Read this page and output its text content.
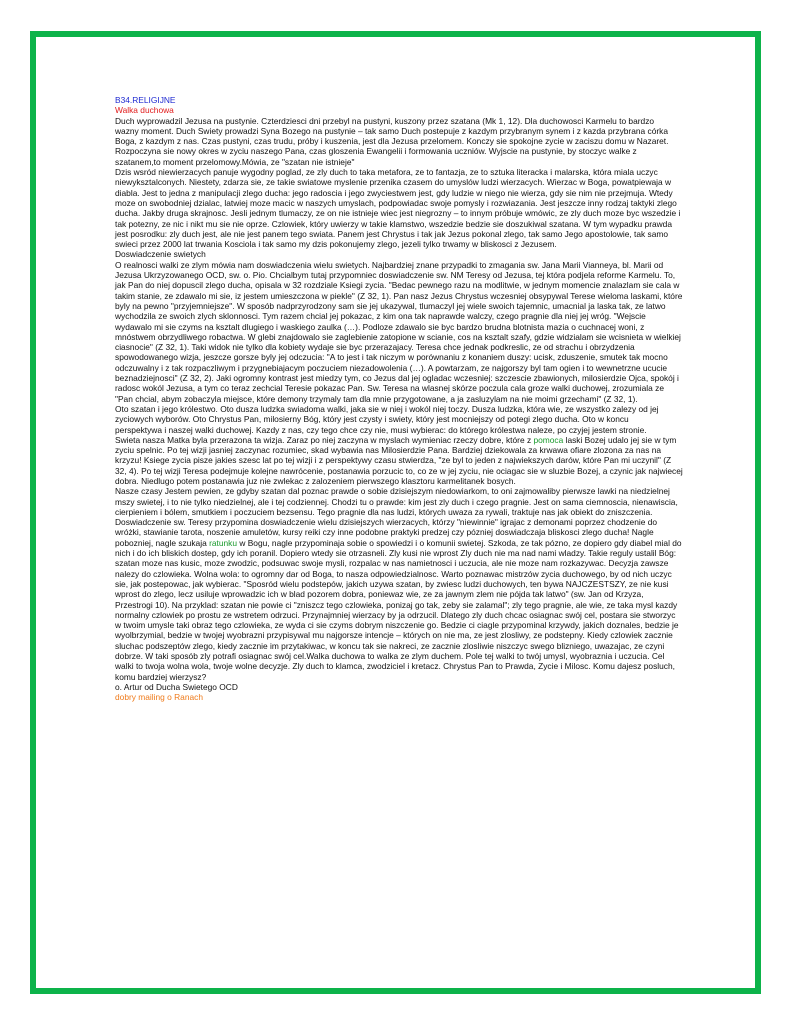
B34.RELIGIJNE

Walka duchowa

Duch wyprowadzil Jezusa na pustynie. Czterdziesci dni przebyl na pustyni, kuszony przez szatana (Mk 1, 12). Dla duchowosci Karmelu to bardzo

wazny moment. Duch Swiety prowadzi Syna Bozego na pustynie – tak samo Duch postepuje z kazdym przybranym synem i z kazda przybrana córka Boga, z kazdym z nas. Czas pustyni, czas trudu, próby i kuszenia, jest dla Jezusa przelomem. Konczy sie spokojne zycie w zaciszu domu w Nazaret.

Rozpoczyna sie nowy okres w zyciu naszego Pana, czas gloszenia Ewangelii i formowania uczniów. Wyjscie na pustynie, by stoczyc walke z szatanem,to moment przelomowy.Mówia, ze "szatan nie istnieje"

Dzis wsród niewierzacych panuje wygodny poglad, ze zly duch to taka metafora, ze to fantazja, ze to sztuka literacka i malarska, która miala uczyc niewyksztalconych. Niestety, zdarza sie, ze takie swiatowe myslenie przenika czasem do umyslów ludzi wierzacych. Wierzac w Boga, powatpiewaja w diabla. Jest to jedna z manipulacji zlego ducha: jego radoscia i jego zwyciestwem jest, gdy ludzie w niego nie wierza, gdy sie nim nie przejmuja. Wtedy moze on swobodniej dzialac, latwiej moze macic w naszych umyslach, podpowiadac swoje pomysly i rozwiazania. Jest jeszcze inny rodzaj taktyki zlego ducha. Jakby druga skrajnosc. Jesli jednym tlumaczy, ze on nie istnieje wiec jest niegrozny – to innym próbuje wmówic, ze zly duch moze byc wszedzie i tak potezny, ze nic i nikt mu sie nie oprze. Czlowiek, który uwierzy w takie klamstwo, wszedzie bedzie sie doszukiwal szatana. W tym wypadku prawda jest posrodku: zly duch jest, ale nie jest panem tego swiata. Panem jest Chrystus i tak jak Jezus pokonal zlego, tak samo Jego apostolowie, tak samo swieci przez 2000 lat trwania Kosciola i tak samo my dzis pokonujemy zlego, jezeli tylko trwamy w bliskosci z Jezusem.

Doswiadczenie swietych

O realnosci walki ze zlym mówia nam doswiadczenia wielu swietych. Najbardziej znane przypadki to zmagania sw. Jana Marii Vianneya, bl. Marii od Jezusa Ukrzyzowanego OCD, sw. o. Pio. Chcialbym tutaj przypomniec doswiadczenie sw. NM Teresy od Jezusa, tej która podjela reforme Karmelu. To, jak Pan do niej dopuscil zlego ducha, opisala w 32 rozdziale Ksiegi zycia. "Bedac pewnego razu na modlitwie, w jednym momencie znalazlam sie cala w takim stanie, ze zdawalo mi sie, iz jestem umieszczona w piekle" (Z 32, 1). Pan nasz Jezus Chrystus wczesniej obsypywal Terese wieloma laskami, które byly na pewno "przyjemniejsze". W sposób nadprzyrodzony sam sie jej ukazywal, tlumaczyl jej wiele swoich tajemnic, umacnial ja laska tak, ze latwo wychodzila ze swoich zlych sklonnosci. Tym razem chcial jej pokazac, z kim ona tak naprawde walczy, czego pragnie dla niej jej wróg. "Wejscie wydawalo mi sie czyms na ksztalt dlugiego i waskiego zaulka (…). Podloze zdawalo sie byc bardzo brudna blotnista mazia o cuchnacej woni, z mnóstwem obrzydliwego robactwa. W glebi znajdowalo sie zaglebienie zatopione w scianie, cos na ksztalt szafy, gdzie widzialam sie wcisnieta w wielkiej ciasnocie" (Z 32, 1). Taki widok nie tylko dla kobiety wydaje sie byc przerazajacy. Teresa chce jednak podkreslic, ze od strachu i obrzydzenia spowodowanego wizja, jeszcze gorsze byly jej odczucia: "A to jest i tak niczym w porównaniu z konaniem duszy: ucisk, zduszenie, smutek tak mocno odczuwalny i z tak rozpaczliwym i przygnebiajacym poczuciem niezadowolenia (…). A powtarzam, ze najgorszy byl tam ogien i to wewnetrzne ucucie beznadziejnosci" (Z 32, 2). Jaki ogromny kontrast jest miedzy tym, co Jezus dal jej ogladac wczesniej: szczescie zbawionych, milosierdzie Ojca, spokój i radosc wokól Jezusa, a tym co teraz zechcial Teresie pokazac Pan. Sw. Teresa na wlasnej skórze poczula cala groze walki duchowej, zrozumiala ze "Pan chcial, abym zobaczyla miejsce, które demony trzymaly tam dla mnie przygotowane, a ja zasluzylam na nie moimi grzechami" (Z 32, 1).

Oto szatan i jego królestwo. Oto dusza ludzka swiadoma walki, jaka sie w niej i wokól niej toczy. Dusza ludzka, która wie, ze wszystko zalezy od jej zyciowych wyborów. Oto Chrystus Pan, milosierny Bóg, który jest czysty i swiety, który jest mocniejszy od potegi zlego ducha. Oto w koncu

perspektywa i naszej walki duchowej. Kazdy z nas, czy tego chce czy nie, musi wybierac: do którego królestwa naleze, po czyjej jestem stronie.

Swieta nasza Matka byla przerazona ta wizja. Zaraz po niej zaczyna w myslach wymieniac rzeczy dobre, które z pomoca laski Bozej udalo jej sie w tym zyciu spelnic. Po tej wizji jasniej zaczynac rozumiec, skad wybawia nas Milosierdzie Pana. Bardziej dziekowala za krwawa ofiare zlozona za nas na krzyzu! Ksiege zycia pisze jakies szesc lat po tej wizji i z perspektywy czasu stwierdza, "ze byl to jeden z najwiekszych darów, które Pan mi uczynil" (Z 32, 4). Po tej wizji Teresa podejmuje kolejne nawrócenie, postanawia porzucic to, co ze w jej zyciu, nie ociagac sie w sluzbie Bozej, a czynic jak najwiecej dobra. Niedlugo potem postanawia juz nie zwlekac z zalozeniem pierwszego klasztoru karmelitanek bosych.

Nasze czasy Jestem pewien, ze gdyby szatan dal poznac prawde o sobie dzisiejszym niedowiarkom, to oni zajmowaliby pierwsze lawki na niedzielnej mszy swietej, i to nie tylko niedzielnej, ale i tej codziennej. Chodzi tu o prawde: kim jest zly duch i czego pragnie. Jest on sama ciemnoscia, nienawiscia, cierpieniem i bólem, smutkiem i poczuciem bezsensu. Tego pragnie dla nas ludzi, których uwaza za rywali, traktuje nas jak obiekt do zniszczenia. Doswiadczenie sw. Teresy przypomina doswiadczenie wielu dzisiejszych wierzacych, którzy "niewinnie" igrajac z demonami poprzez chodzenie do wróżki, stawianie tarota, noszenie amuletów, kursy reiki czy inne podobne praktyki predzej czy pózniej doswiadczaja bliskosci zlego ducha! Nagle pobozniej, nagle szukaja ratunku w Bogu, nagle przypominaja sobie o spowiedzi i o komunii swietej. Szkoda, ze tak pózno, ze dopiero gdy diabel mial do nich i do ich bliskich dostep, gdy ich poranil. Dopiero wtedy sie otrzasneli. Zly kusi nie wprost Zly duch nie ma nad nami wladzy. Takie reguly ustalil Bóg: szatan moze nas kusic, moze zwodzic, podsuwac swoje mysli, rozpalac w nas namietnosci i uczucia, ale nie moze nam rozkazywac. Decyzja zawsze nalezy do czlowieka. Wolna wola: to ogromny dar od Boga, to nasza odpowiedzialnosc. Warto poznawac mistrzów zycia duchowego, by od nich uczyc sie, jak postepowac, jak wybierac. "Sposród wielu podstepów, jakich uzywa szatan, by zwiesc ludzi duchowych, ten bywa NAJCZESTSZY, ze nie kusi wprost do zlego, lecz usiluje wprowadzic ich w blad pozorem dobra, poniewaz wie, ze za jawnym zlem nie pójda tak latwo" (sw. Jan od Krzyza, Przestrogi 10). Na przyklad: szatan nie powie ci "zniszcz tego czlowieka, ponizaj go tak, zeby sie zalamal"; zly tego pragnie, ale wie, ze taka mysl kazdy normalny czlowiek po prostu ze wstretem odrzuci. Przynajmniej wierzacy by ja odrzucil. Dlatego zly duch chcac osiagnac swój cel, postara sie stworzyc w twoim umysle taki obraz tego czlowieka, ze wyda ci sie czyms dobrym niszczenie go. Bedzie ci ciagle przypominal krzywdy, jakich doznales, bedzie je wyolbrzymial, bedzie w twojej wyobrazni przypisywal mu najgorsze intencje – których on nie ma, ze jest zlosliwy, ze podstepny. Kiedy czlowiek zacznie sluchac podszeptów zlego, kiedy zacznie im przytakiwac, w koncu tak sie nakreci, ze zacznie zlosliwie niszczyc swego blizniego, uwazajac, ze czyni dobrze. W taki sposób zly potrafi osiagnac swój cel.Walka duchowa to walka ze zlym duchem. Pole tej walki to twój umysl, wyobraznia i uczucia. Cel walki to twoja wolna wola, twoje wolne decyzje. Zly duch to klamca, zwodziciel i kretacz. Chrystus Pan to Prawda, Zycie i Milosc. Komu dajesz posluch, komu bardziej wierzysz?

o. Artur od Ducha Swietego OCD

dobry mailing o Ranach
